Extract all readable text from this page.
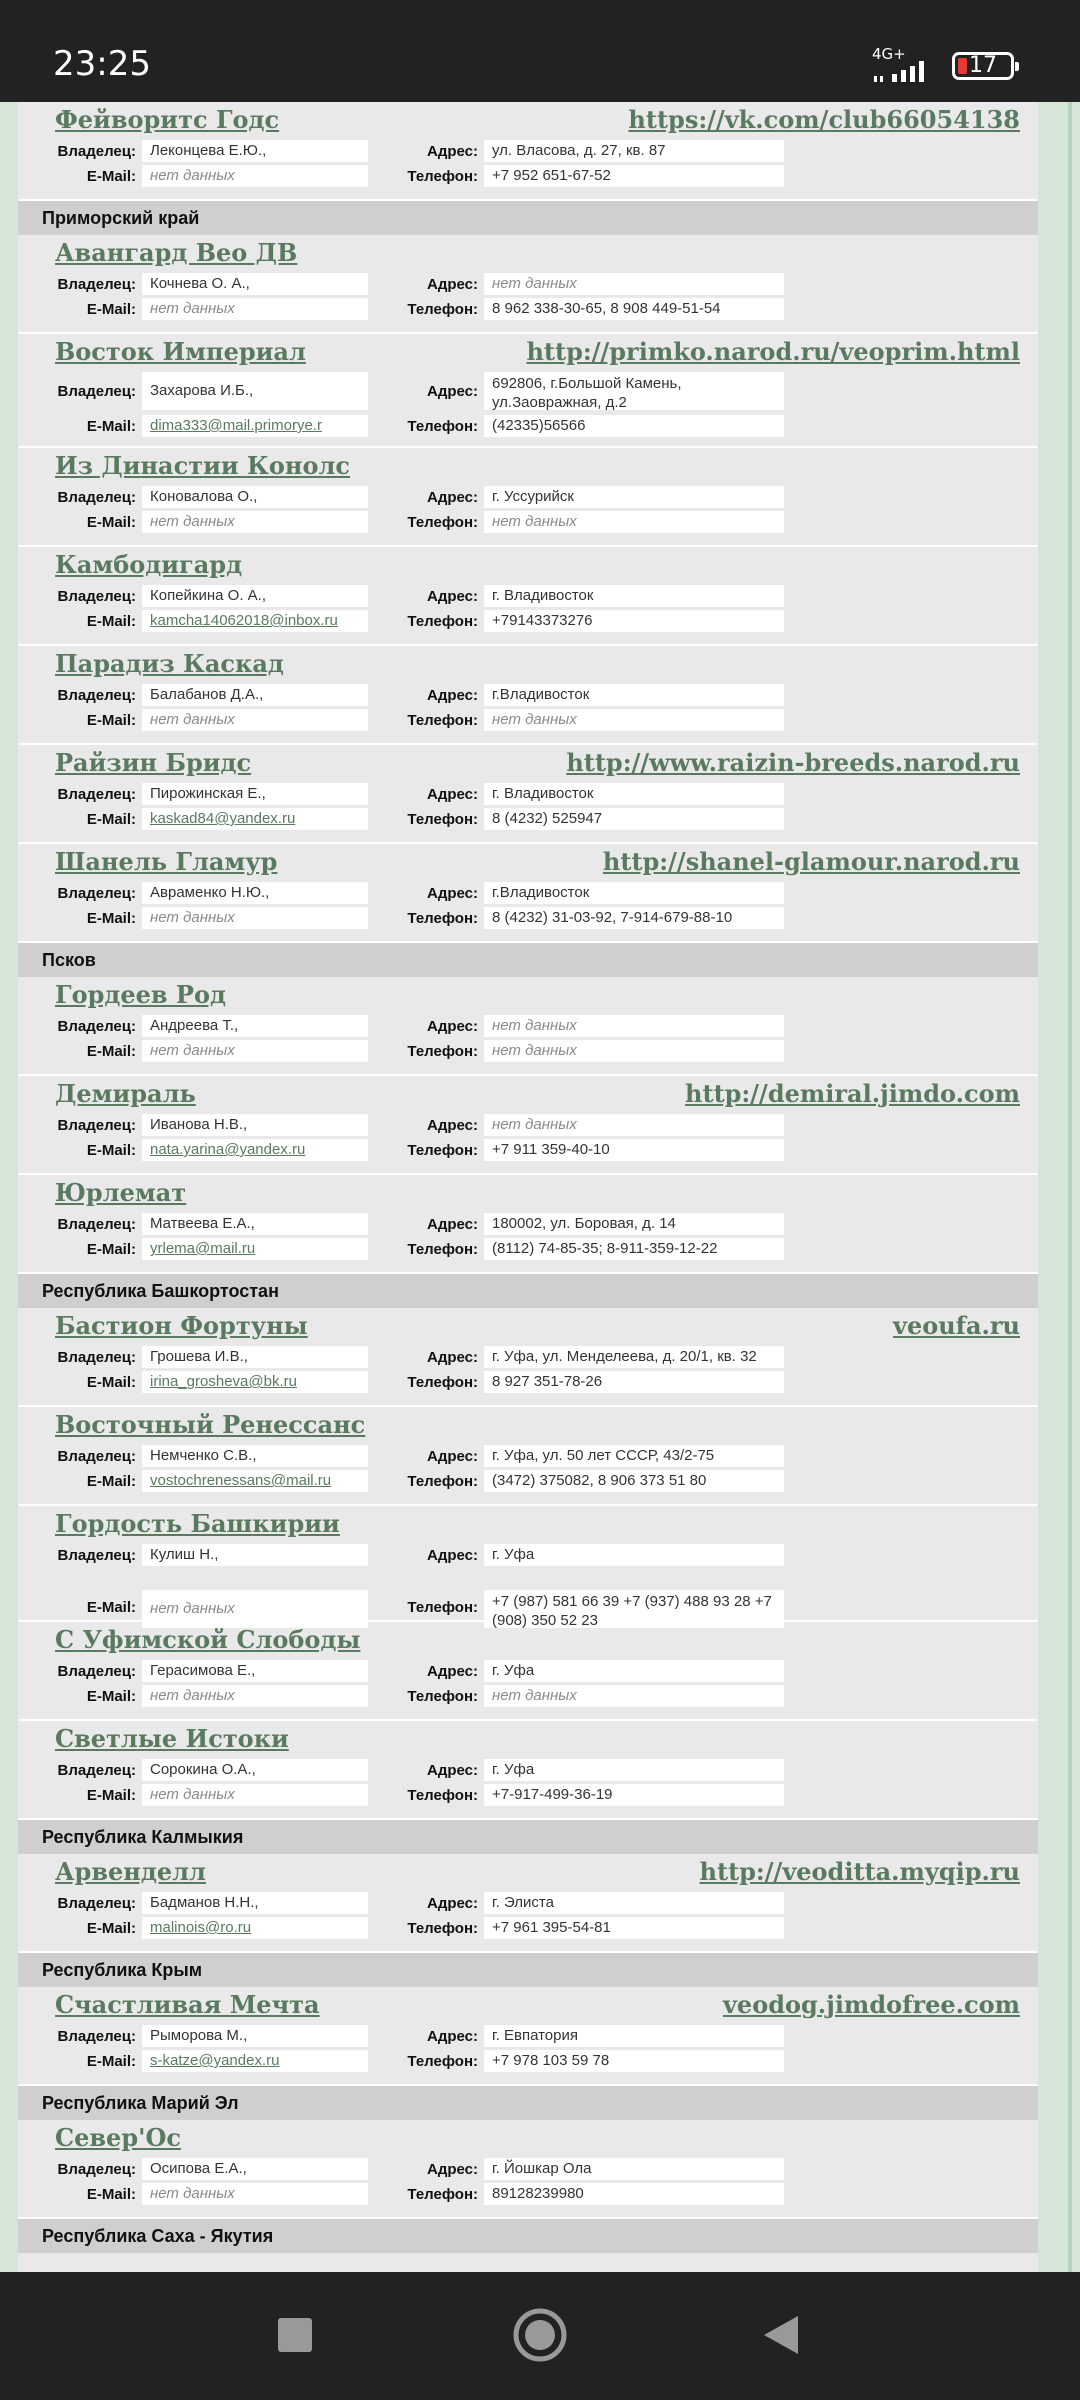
23:25	4G+	17
Фейворитс Годс	https://vk.com/club66054138
Владелец: Леконцева Е.Ю.,	Адрес: ул. Власова, д. 27, кв. 87
E-Mail: нет данных	Телефон: +7 952 651-67-52
Приморский край
Авангард Вео ДВ
Владелец: Кочнева О. А.,	Адрес: нет данных
E-Mail: нет данных	Телефон: 8 962 338-30-65, 8 908 449-51-54
Восток Империал	http://primko.narod.ru/veoprim.html
Владелец: Захарова И.Б.,	Адрес: 692806, г.Большой Камень, ул.Заовражная, д.2
E-Mail: dima333@mail.primorye.r	Телефон: (42335)56566
Из Династии Конолс
Владелец: Коновалова О.,	Адрес: г. Уссурийск
E-Mail: нет данных	Телефон: нет данных
Камбодигард
Владелец: Копейкина О. А.,	Адрес: г. Владивосток
E-Mail: kamcha14062018@inbox.ru	Телефон: +79143373276
Парадиз Каскад
Владелец: Балабанов Д.А.,	Адрес: г.Владивосток
E-Mail: нет данных	Телефон: нет данных
Райзин Бридс	http://www.raizin-breeds.narod.ru
Владелец: Пирожинская Е.,	Адрес: г. Владивосток
E-Mail: kaskad84@yandex.ru	Телефон: 8 (4232) 525947
Шанель Гламур	http://shanel-glamour.narod.ru
Владелец: Авраменко Н.Ю.,	Адрес: г.Владивосток
E-Mail: нет данных	Телефон: 8 (4232) 31-03-92, 7-914-679-88-10
Псков
Гордеев Род
Владелец: Андреева Т.,	Адрес: нет данных
E-Mail: нет данных	Телефон: нет данных
Демираль	http://demiral.jimdo.com
Владелец: Иванова Н.В.,	Адрес: нет данных
E-Mail: nata.yarina@yandex.ru	Телефон: +7 911 359-40-10
Юрлемат
Владелец: Матвеева Е.А.,	Адрес: 180002, ул. Боровая, д. 14
E-Mail: yrlema@mail.ru	Телефон: (8112) 74-85-35; 8-911-359-12-22
Республика Башкортостан
Бастион Фортуны	veoufa.ru
Владелец: Грошева И.В.,	Адрес: г. Уфа, ул. Менделеева, д. 20/1, кв. 32
E-Mail: irina_grosheva@bk.ru	Телефон: 8 927 351-78-26
Восточный Ренессанс
Владелец: Немченко С.В.,	Адрес: г. Уфа, ул. 50 лет СССР, 43/2-75
E-Mail: vostochrenessans@mail.ru	Телефон: (3472) 375082, 8 906 373 51 80
Гордость Башкирии
Владелец: Кулиш Н.,	Адрес: г. Уфа
E-Mail: нет данных	Телефон: +7 (987) 581 66 39 +7 (937) 488 93 28 +7 (908) 350 52 23
С Уфимской Слободы
Владелец: Герасимова Е.,	Адрес: г. Уфа
E-Mail: нет данных	Телефон: нет данных
Светлые Истоки
Владелец: Сорокина О.А.,	Адрес: г. Уфа
E-Mail: нет данных	Телефон: +7-917-499-36-19
Республика Калмыкия
Арвенделл	http://veoditta.myqip.ru
Владелец: Бадманов Н.Н.,	Адрес: г. Элиста
E-Mail: malinois@ro.ru	Телефон: +7 961 395-54-81
Республика Крым
Счастливая Мечта	veodog.jimdofree.com
Владелец: Рыморова М.,	Адрес: г. Евпатория
E-Mail: s-katze@yandex.ru	Телефон: +7 978 103 59 78
Республика Марий Эл
Север'Ос
Владелец: Осипова Е.А.,	Адрес: г. Йошкар Ола
E-Mail: нет данных	Телефон: 89128239980
Республика Саха - Якутия
